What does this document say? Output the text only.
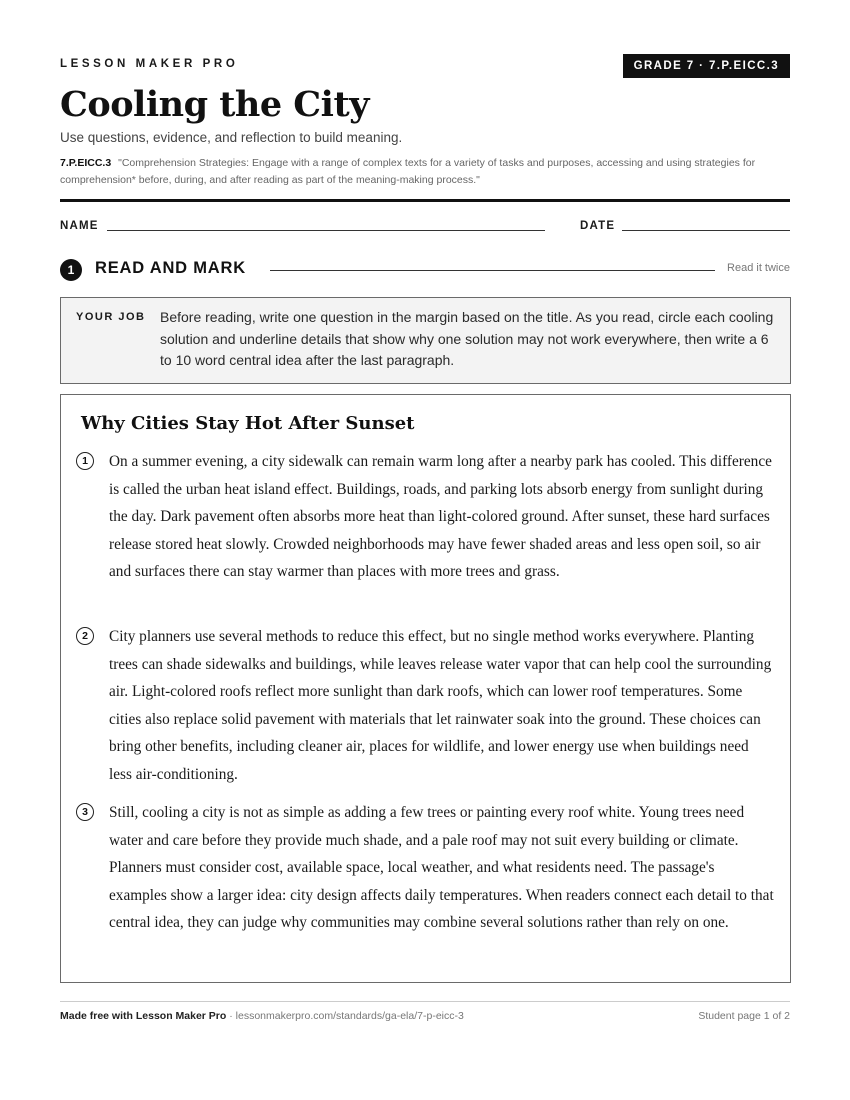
LESSON MAKER PRO	GRADE 7 · 7.P.EICC.3
Cooling the City
Use questions, evidence, and reflection to build meaning.
7.P.EICC.3 "Comprehension Strategies: Engage with a range of complex texts for a variety of tasks and purposes, accessing and using strategies for comprehension* before, during, and after reading as part of the meaning-making process."
NAME	DATE
1	READ AND MARK	Read it twice
YOUR JOB Before reading, write one question in the margin based on the title. As you read, circle each cooling solution and underline details that show why one solution may not work everywhere, then write a 6 to 10 word central idea after the last paragraph.
Why Cities Stay Hot After Sunset
1	On a summer evening, a city sidewalk can remain warm long after a nearby park has cooled. This difference is called the urban heat island effect. Buildings, roads, and parking lots absorb energy from sunlight during the day. Dark pavement often absorbs more heat than light-colored ground. After sunset, these hard surfaces release stored heat slowly. Crowded neighborhoods may have fewer shaded areas and less open soil, so air and surfaces there can stay warmer than places with more trees and grass.
2	City planners use several methods to reduce this effect, but no single method works everywhere. Planting trees can shade sidewalks and buildings, while leaves release water vapor that can help cool the surrounding air. Light-colored roofs reflect more sunlight than dark roofs, which can lower roof temperatures. Some cities also replace solid pavement with materials that let rainwater soak into the ground. These choices can bring other benefits, including cleaner air, places for wildlife, and lower energy use when buildings need less air-conditioning.
3	Still, cooling a city is not as simple as adding a few trees or painting every roof white. Young trees need water and care before they provide much shade, and a pale roof may not suit every building or climate. Planners must consider cost, available space, local weather, and what residents need. The passage's examples show a larger idea: city design affects daily temperatures. When readers connect each detail to that central idea, they can judge why communities may combine several solutions rather than rely on one.
Made free with Lesson Maker Pro · lessonmakerpro.com/standards/ga-ela/7-p-eicc-3	Student page 1 of 2
